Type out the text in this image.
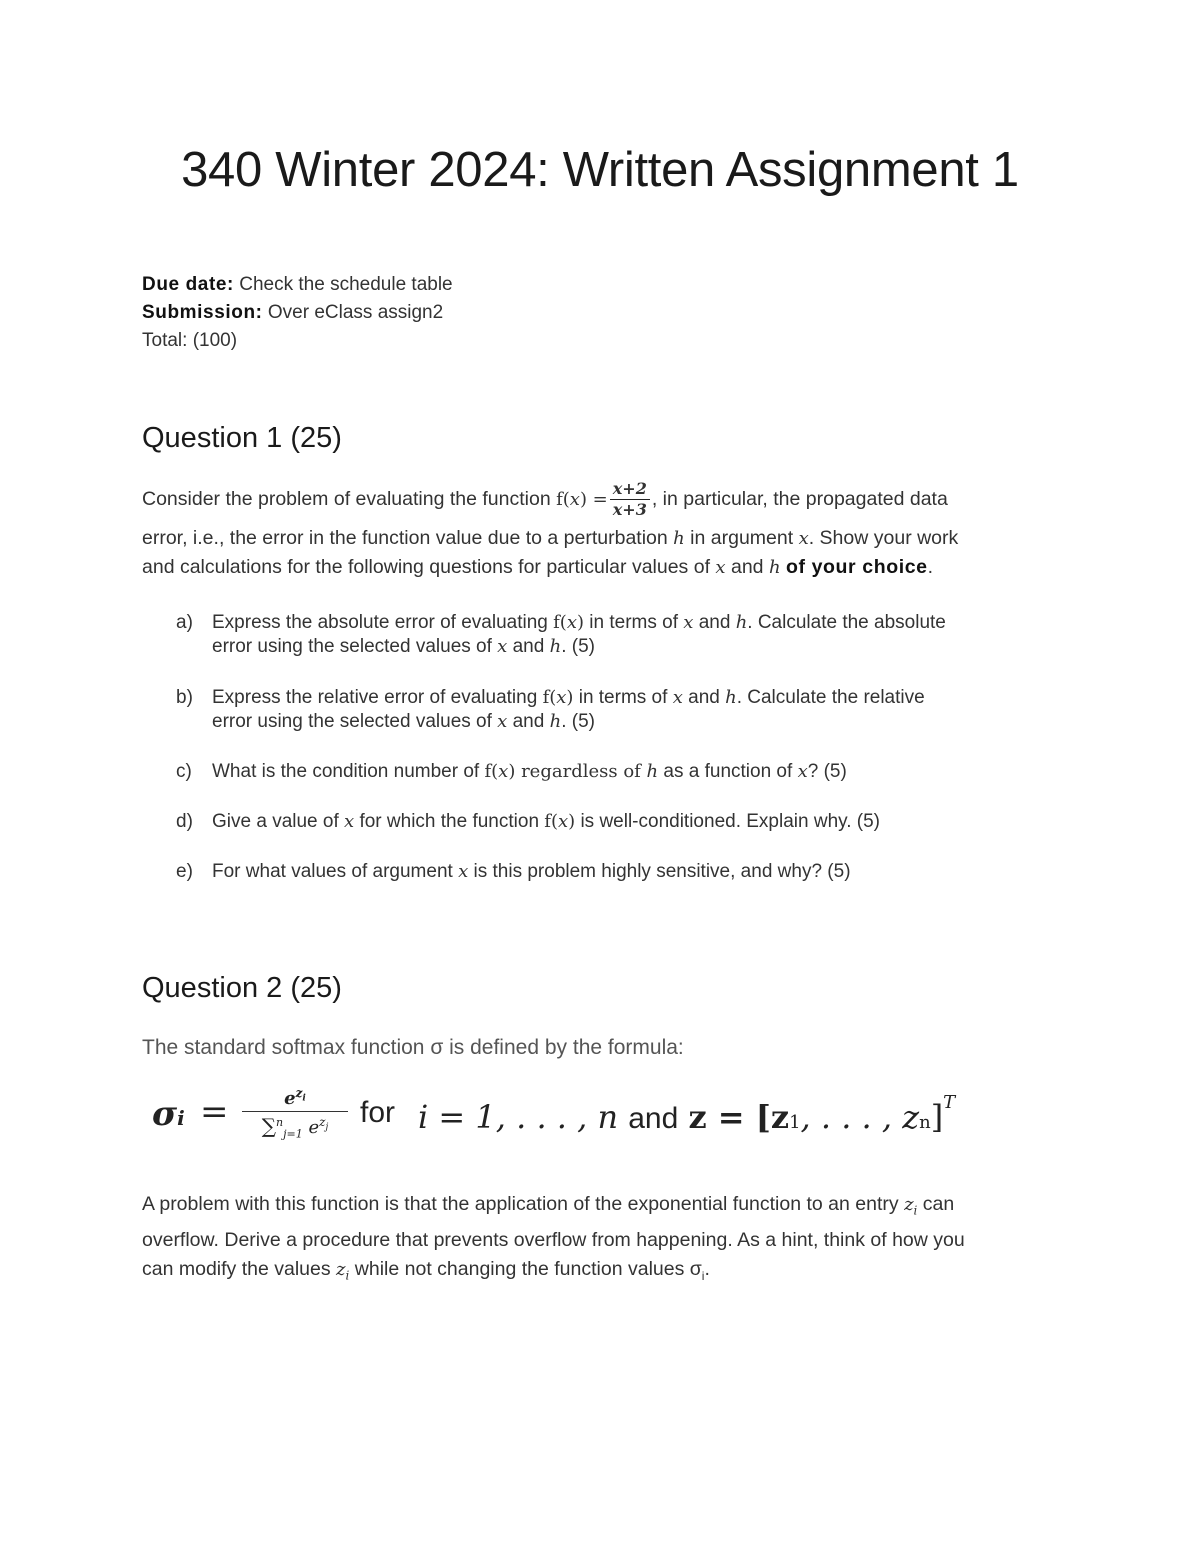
340 Winter 2024: Written Assignment 1
Due date: Check the schedule table
Submission: Over eClass assign2
Total: (100)
Question 1 (25)
Consider the problem of evaluating the function $f(x) = \frac{x+2}{x+3}$ , in particular, the propagated data
error, i.e., the error in the function value due to a perturbation h in argument x. Show your work
and calculations for the following questions for particular values of x and h of your choice.
a)	Express the absolute error of evaluating f(x) in terms of x and h. Calculate the absolute
error using the selected values of x and h. (5)
b)	Express the relative error of evaluating f(x) in terms of x and h. Calculate the relative
error using the selected values of x and h. (5)
c)	What is the condition number of f(x) regardless of h as a function of x? (5)
d)	Give a value of x for which the function f(x) is well-conditioned. Explain why. (5)
e)	For what values of argument x is this problem highly sensitive, and why? (5)
Question 2 (25)
The standard softmax function σ is defined by the formula:
σi =	$e^{z_i}$
∑$^n_{j=1}$ $e^{z_j}$	for i = 1, . . . , n and z = [z1, . . . , zn]$^T$
A problem with this function is that the application of the exponential function to an entry $z_i$ can
overflow. Derive a procedure that prevents overflow from happening. As a hint, think of how you
can modify the values $z_i$ while not changing the function values $\sigma_i$.
